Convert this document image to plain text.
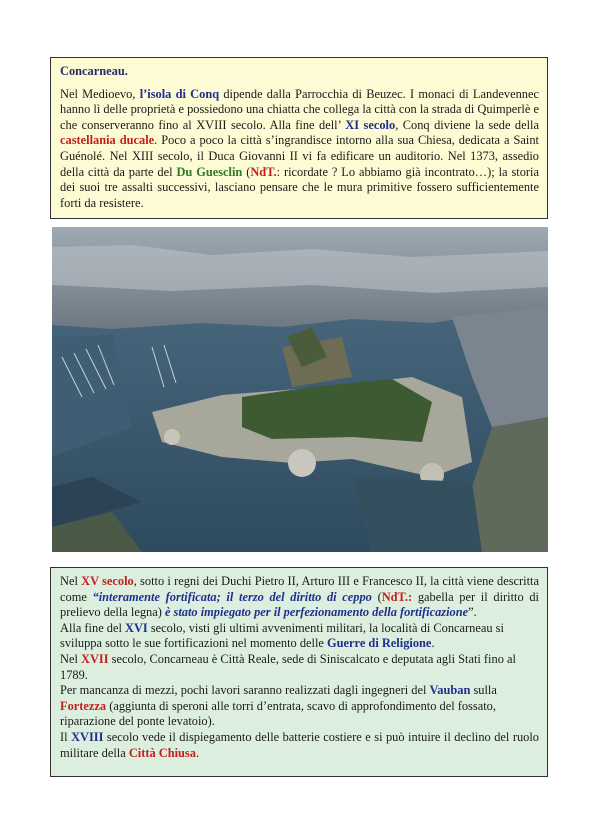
Concarneau.
Nel Medioevo, l’isola di Conq dipende dalla Parrocchia di Beuzec. I monaci di Landevennec hanno lì delle proprietà e possiedono una chiatta che collega la città con la strada di Quimperlè e che conserveranno fino al XVIII secolo. Alla fine dell’ XI secolo, Conq diviene la sede della castellania ducale. Poco a poco la città s’ingrandisce intorno alla sua Chiesa, dedicata a Saint Guénolé. Nel XIII secolo, il Duca Giovanni II vi fa edificare un auditorio. Nel 1373, assedio della città da parte del Du Guesclin (NdT.: ricordate ? Lo abbiamo già incontrato…); la storia dei suoi tre assalti successivi, lasciano pensare che le mura primitive fossero sufficientemente forti da resistere.
Nel XV secolo, sotto i regni dei Duchi Pietro II, Arturo III e Francesco II, la città viene descritta come “interamente fortificata; il terzo del diritto di ceppo (NdT.: gabella per il diritto di prelievo della legna) è stato impiegato per il perfezionamento della fortificazione”.
Alla fine del XVI secolo, visti gli ultimi avvenimenti militari, la località di Concarneau si sviluppa sotto le sue fortificazioni nel momento delle Guerre di Religione.
Nel XVII secolo, Concarneau è Città Reale, sede di Siniscalcato e deputata agli Stati fino al 1789.
Per mancanza di mezzi, pochi lavori saranno realizzati dagli ingegneri del Vauban sulla Fortezza (aggiunta di speroni alle torri d’entrata, scavo di approfondimento del fossato, riparazione del ponte levatoio).
Il XVIII secolo vede il dispiegamento delle batterie costiere e si può intuire il declino del ruolo militare della Città Chiusa.
